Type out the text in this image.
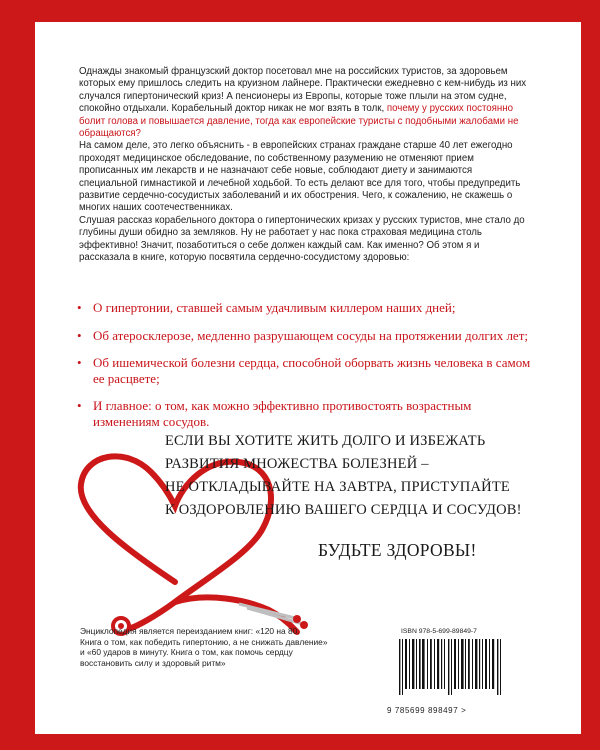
Однажды знакомый французский доктор посетовал мне на российских туристов, за здоровьем которых ему пришлось следить на круизном лайнере. Практически ежедневно с кем-нибудь из них случался гипертонический криз! А пенсионеры из Европы, которые тоже плыли на этом судне, спокойно отдыхали. Корабельный доктор никак не мог взять в толк, почему у русских постоянно болит голова и повышается давление, тогда как европейские туристы с подобными жалобами не обращаются?

На самом деле, это легко объяснить - в европейских странах граждане старше 40 лет ежегодно проходят медицинское обследование, по собственному разумению не отменяют прием прописанных им лекарств и не назначают себе новые, соблюдают диету и занимаются специальной гимнастикой и лечебной ходьбой. То есть делают все для того, чтобы предупредить развитие сердечно-сосудистых заболеваний и их обострения. Чего, к сожалению, не скажешь о многих наших соотечественниках.

Слушая рассказ корабельного доктора о гипертонических кризах у русских туристов, мне стало до глубины души обидно за земляков. Ну не работает у нас пока страховая медицина столь эффективно! Значит, позаботиться о себе должен каждый сам. Как именно? Об этом я и рассказала в книге, которую посвятила сердечно-сосудистому здоровью:

• О гипертонии, ставшей самым удачливым киллером наших дней;
• Об атеросклерозе, медленно разрушающем сосуды на протяжении долгих лет;
• Об ишемической болезни сердца, способной оборвать жизнь человека в самом ее расцвете;
• И главное: о том, как можно эффективно противостоять возрастным изменениям сосудов.
ЕСЛИ ВЫ ХОТИТЕ ЖИТЬ ДОЛГО И ИЗБЕЖАТЬ
РАЗВИТИЯ МНОЖЕСТВА БОЛЕЗНЕЙ –
НЕ ОТКЛАДЫВАЙТЕ НА ЗАВТРА, ПРИСТУПАЙТЕ
К ОЗДОРОВЛЕНИЮ ВАШЕГО СЕРДЦА И СОСУДОВ!
БУДЬТЕ ЗДОРОВЫ!
Энциклопедия является переизданием книг: «120 на 80.
Книга о том, как победить гипертонию, а не снижать давление»
и «60 ударов в минуту. Книга о том, как помочь сердцу
восстановить силу и здоровый ритм»
ISBN 978-5-699-89849-7
9 785699 898497 >
